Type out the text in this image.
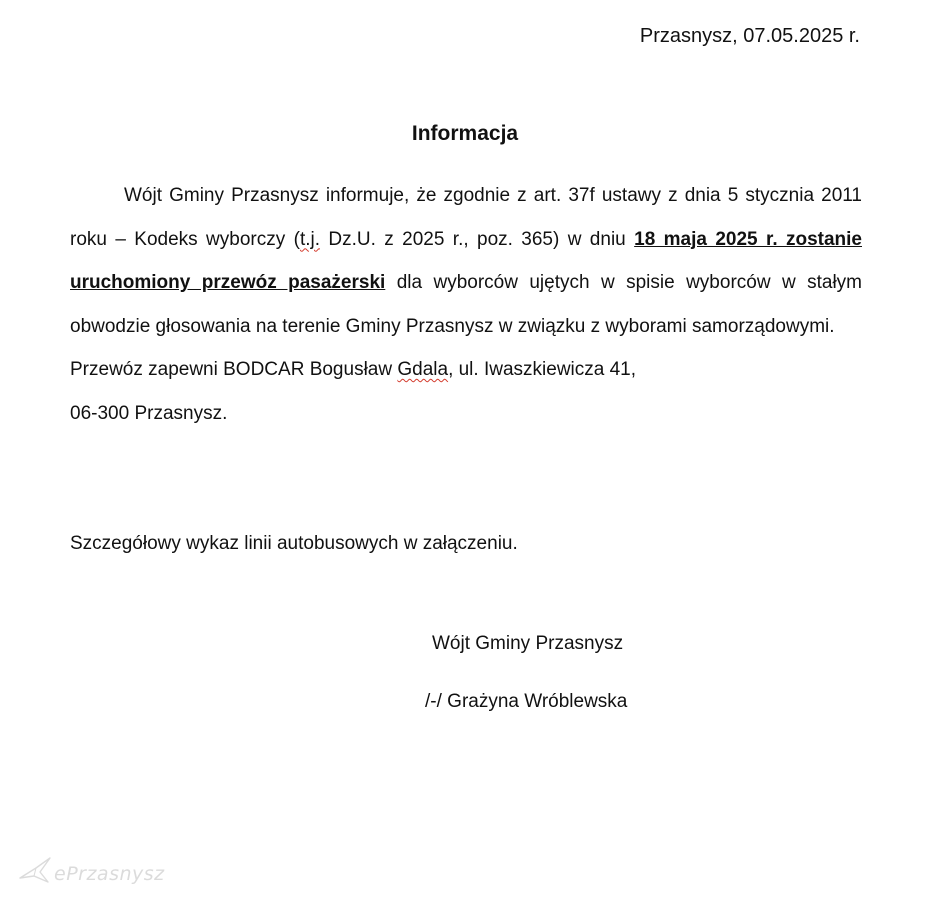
Przasnysz, 07.05.2025 r.
Informacja

Wójt Gminy Przasnysz informuje, że zgodnie z art. 37f ustawy z dnia 5 stycznia 2011 roku – Kodeks wyborczy (t.j. Dz.U. z 2025 r., poz. 365) w dniu 18 maja 2025 r. zostanie uruchomiony przewóz pasażerski dla wyborców ujętych w spisie wyborców w stałym obwodzie głosowania na terenie Gminy Przasnysz w związku z wyborami samorządowymi.

Przewóz zapewni BODCAR Bogusław Gdala, ul. Iwaszkiewicza 41,

06-300 Przasnysz.

Szczegółowy wykaz linii autobusowych w załączeniu.
Wójt Gminy Przasnysz
/-/ Grażyna Wróblewska
ePrzasnysz
